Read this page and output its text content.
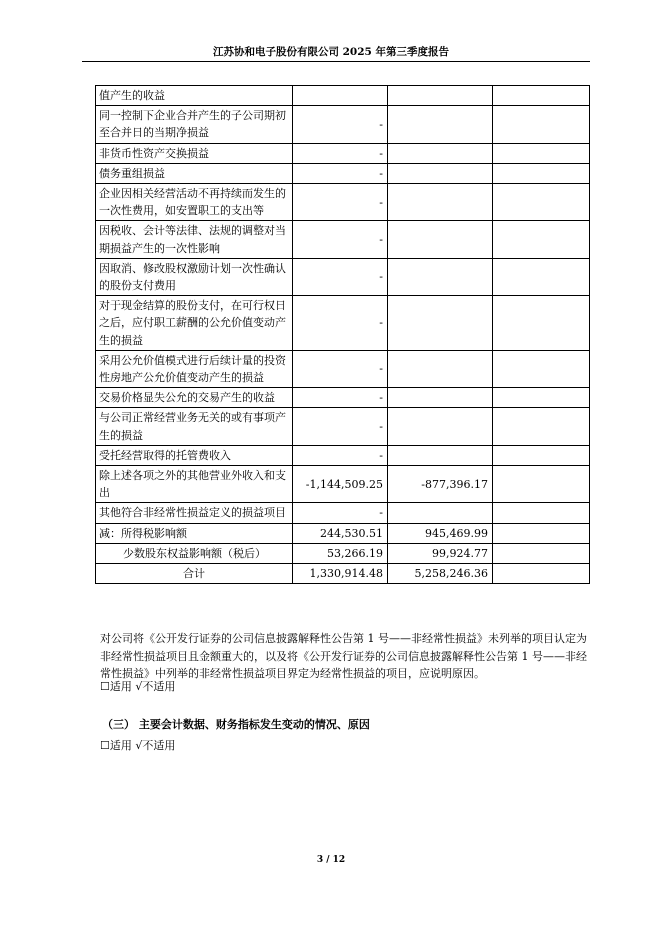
江苏协和电子股份有限公司 2025 年第三季度报告
值产生的收益			
同一控制下企业合并产生的子公司期初至合并日的当期净损益	-		
非货币性资产交换损益	-		
债务重组损益	-		
企业因相关经营活动不再持续而发生的一次性费用，如安置职工的支出等	-		
因税收、会计等法律、法规的调整对当期损益产生的一次性影响	-		
因取消、修改股权激励计划一次性确认的股份支付费用	-		
对于现金结算的股份支付，在可行权日之后，应付职工薪酬的公允价值变动产生的损益	-		
采用公允价值模式进行后续计量的投资性房地产公允价值变动产生的损益	-		
交易价格显失公允的交易产生的收益	-		
与公司正常经营业务无关的或有事项产生的损益	-		
受托经营取得的托管费收入	-		
除上述各项之外的其他营业外收入和支出	-1,144,509.25	-877,396.17	
其他符合非经常性损益定义的损益项目	-		
减：所得税影响额	244,530.51	945,469.99	
少数股东权益影响额（税后）	53,266.19	99,924.77	
合计	1,330,914.48	5,258,246.36	
对公司将《公开发行证券的公司信息披露解释性公告第 1 号——非经常性损益》未列举的项目认定为非经常性损益项目且金额重大的，以及将《公开发行证券的公司信息披露解释性公告第 1 号——非经常性损益》中列举的非经常性损益项目界定为经常性损益的项目，应说明原因。
☐适用 √不适用
（三） 主要会计数据、财务指标发生变动的情况、原因
☐适用 √不适用
3 / 12
